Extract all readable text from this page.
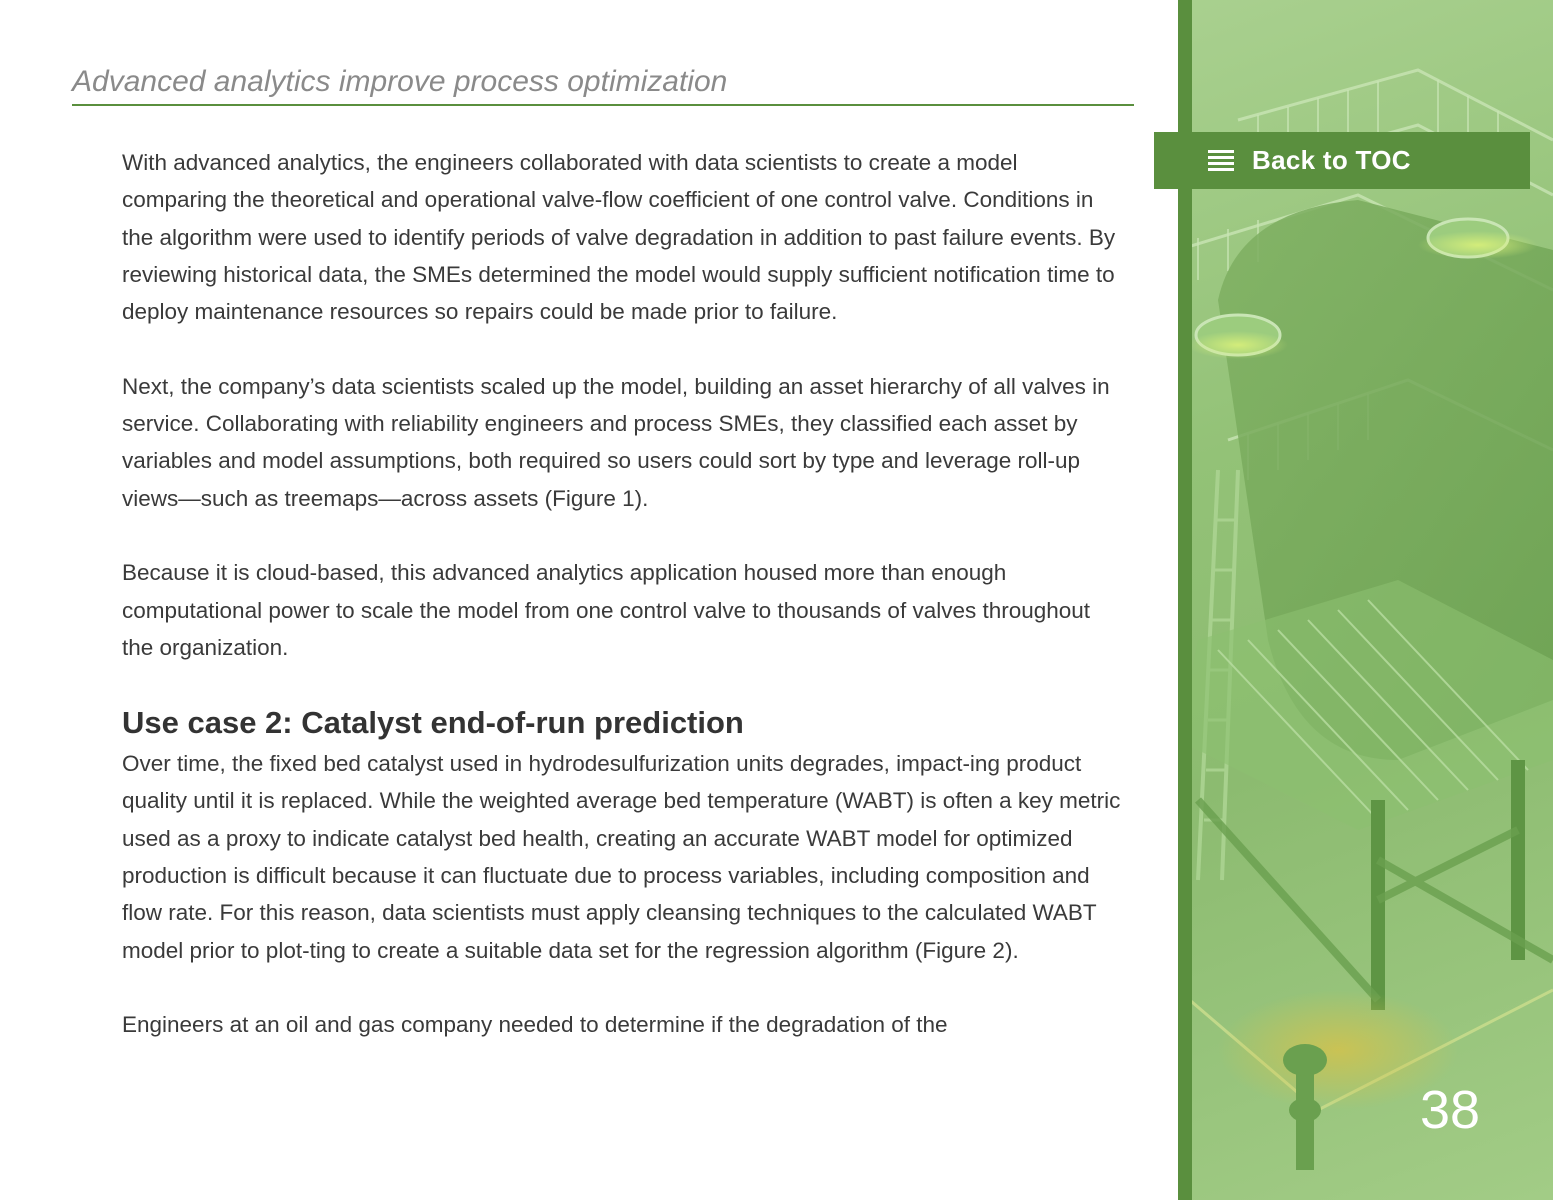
Advanced analytics improve process optimization

With advanced analytics, the engineers collaborated with data scientists to create a model comparing the theoretical and operational valve-flow coefficient of one control valve. Conditions in the algorithm were used to identify periods of valve degradation in addition to past failure events. By reviewing historical data, the SMEs determined the model would supply sufficient notification time to deploy maintenance resources so repairs could be made prior to failure.

Next, the company’s data scientists scaled up the model, building an asset hierarchy of all valves in service. Collaborating with reliability engineers and process SMEs, they classified each asset by variables and model assumptions, both required so users could sort by type and leverage roll-up views—such as treemaps—across assets (Figure 1).

Because it is cloud-based, this advanced analytics application housed more than enough computational power to scale the model from one control valve to thousands of valves throughout the organization.

Use case 2: Catalyst end-of-run prediction

Over time, the fixed bed catalyst used in hydrodesulfurization units degrades, impact-ing product quality until it is replaced. While the weighted average bed temperature (WABT) is often a key metric used as a proxy to indicate catalyst bed health, creating an accurate WABT model for optimized production is difficult because it can fluctuate due to process variables, including composition and flow rate. For this reason, data scientists must apply cleansing techniques to the calculated WABT model prior to plot-ting to create a suitable data set for the regression algorithm (Figure 2).

Engineers at an oil and gas company needed to determine if the degradation of the

Back to TOC
38
